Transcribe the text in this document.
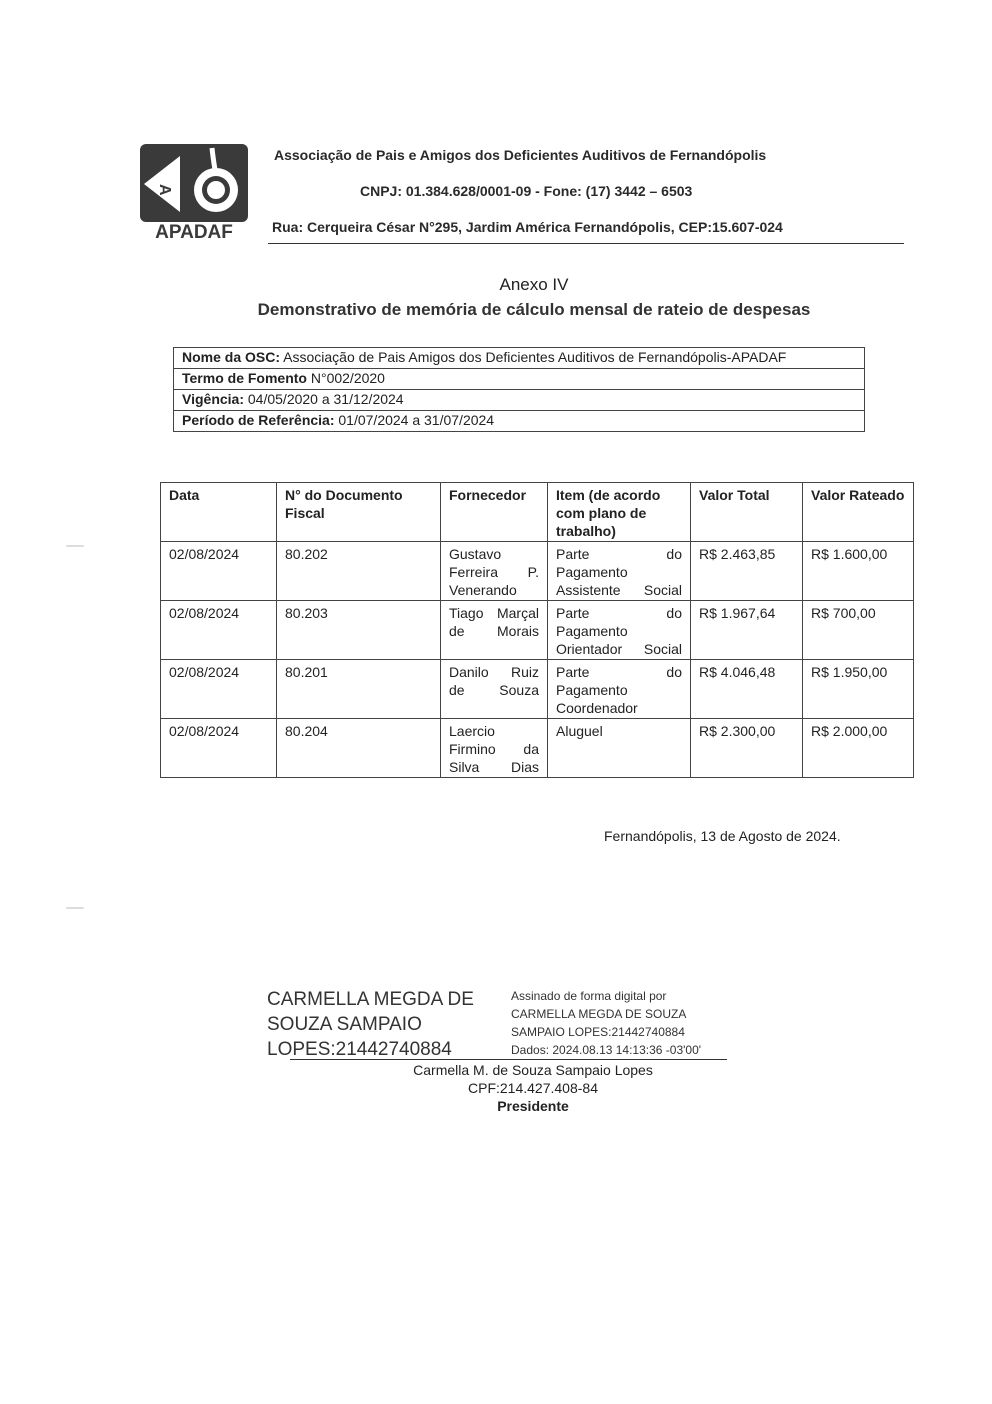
A
APADAF
Associação de Pais e Amigos dos Deficientes Auditivos de Fernandópolis
CNPJ: 01.384.628/0001-09 - Fone: (17) 3442 – 6503
Rua: Cerqueira César N°295, Jardim América Fernandópolis, CEP:15.607-024
Anexo IV
Demonstrativo de memória de cálculo mensal de rateio de despesas
Nome da OSC: Associação de Pais Amigos dos Deficientes Auditivos de Fernandópolis-APADAF
Termo de Fomento N°002/2020
Vigência: 04/05/2020 a 31/12/2024
Período de Referência: 01/07/2024 a 31/07/2024
Data	N° do Documento Fiscal	Fornecedor	Item (de acordo com plano de trabalho)	Valor Total	Valor Rateado
02/08/2024	80.202	Gustavo Ferreira P. Venerando	Parte do Pagamento Assistente Social	R$ 2.463,85	R$ 1.600,00
02/08/2024	80.203	Tiago Marçal de Morais	Parte do Pagamento Orientador Social	R$ 1.967,64	R$ 700,00
02/08/2024	80.201	Danilo Ruiz de Souza	Parte do Pagamento Coordenador	R$ 4.046,48	R$ 1.950,00
02/08/2024	80.204	Laercio Firmino da Silva Dias	Aluguel	R$ 2.300,00	R$ 2.000,00
Fernandópolis, 13 de Agosto de 2024.
CARMELLA MEGDA DE
SOUZA SAMPAIO
LOPES:21442740884
Assinado de forma digital por
CARMELLA MEGDA DE SOUZA
SAMPAIO LOPES:21442740884
Dados: 2024.08.13 14:13:36 -03'00'
Carmella M. de Souza Sampaio Lopes
CPF:214.427.408-84
Presidente
